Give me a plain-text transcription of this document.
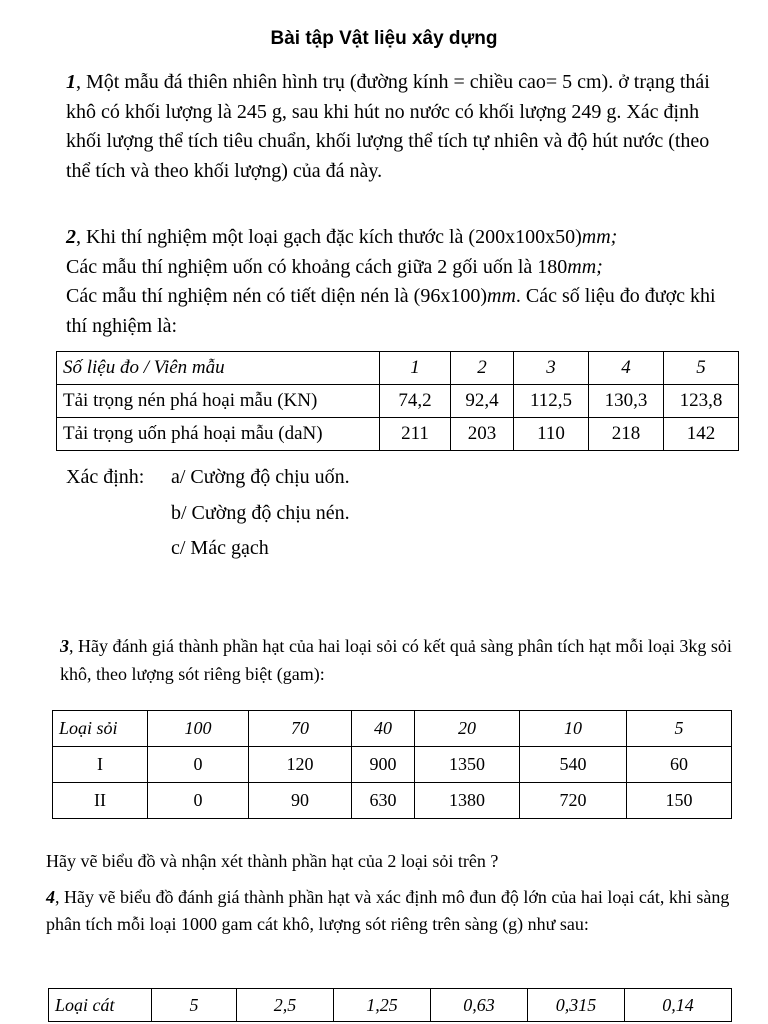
Bài tập Vật liệu xây dựng
1, Một mẫu đá thiên nhiên hình trụ (đường kính = chiều cao= 5 cm). ở trạng thái khô có khối lượng là 245 g, sau khi hút no nước có khối lượng 249 g. Xác định khối lượng thể tích tiêu chuẩn, khối lượng thể tích tự nhiên và độ hút nước (theo thể tích và theo khối lượng) của đá này.
2, Khi thí nghiệm một loại gạch đặc kích thước là (200x100x50)mm;
Các mẫu thí nghiệm uốn có khoảng cách giữa 2 gối uốn là 180mm;
Các mẫu thí nghiệm nén có tiết diện nén là (96x100)mm. Các số liệu đo được khi thí nghiệm là:
Số liệu đo / Viên mẫu	1	2	3	4	5
Tải trọng nén phá hoại mẫu (KN)	74,2	92,4	112,5	130,3	123,8
Tải trọng uốn phá hoại mẫu (daN)	211	203	110	218	142
Xác định: a/ Cường độ chịu uốn.
b/ Cường độ chịu nén.
c/ Mác gạch
3, Hãy đánh giá thành phần hạt của hai loại sỏi có kết quả sàng phân tích hạt mỗi loại 3kg sỏi khô, theo lượng sót riêng biệt (gam):
Loại sỏi	100	70	40	20	10	5
I	0	120	900	1350	540	60
II	0	90	630	1380	720	150
Hãy vẽ biểu đồ và nhận xét thành phần hạt của 2 loại sỏi trên ?
4, Hãy vẽ biểu đồ đánh giá thành phần hạt và xác định mô đun độ lớn của hai loại cát, khi sàng phân tích mỗi loại 1000 gam cát khô, lượng sót riêng trên sàng (g) như sau:
Loại cát	5	2,5	1,25	0,63	0,315	0,14
